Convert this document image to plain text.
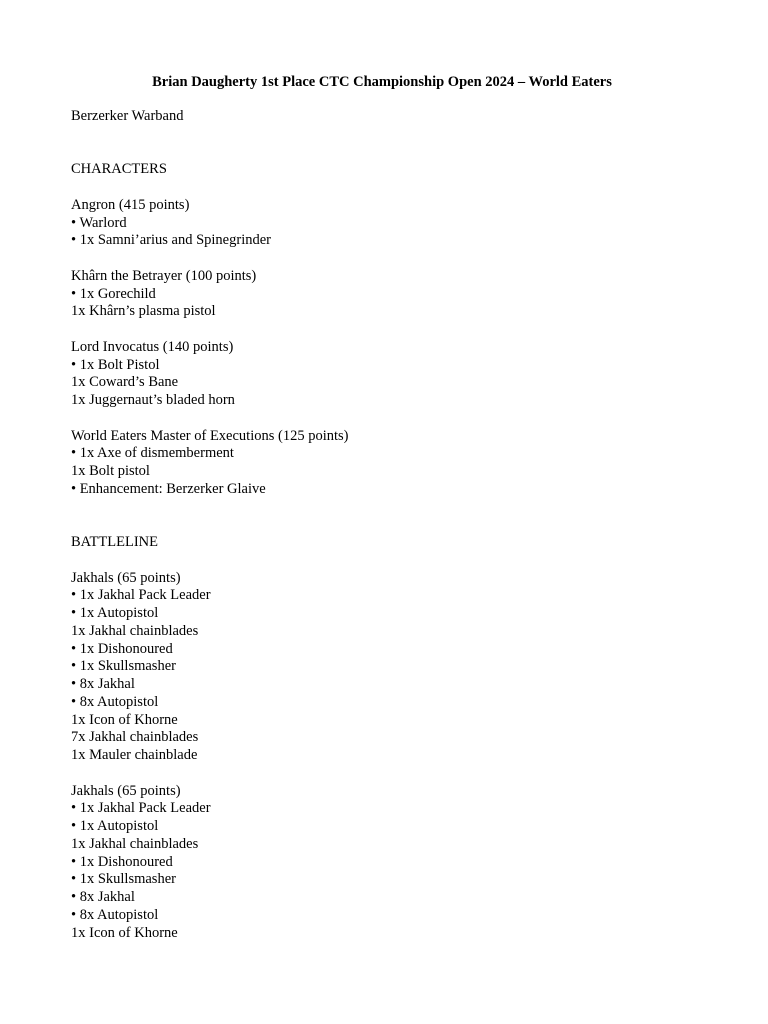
Brian Daugherty 1st Place CTC Championship Open 2024 – World Eaters
Berzerker Warband
CHARACTERS
Angron (415 points)
• Warlord
• 1x Samni’arius and Spinegrinder
Khârn the Betrayer (100 points)
• 1x Gorechild
1x Khârn’s plasma pistol
Lord Invocatus (140 points)
• 1x Bolt Pistol
1x Coward’s Bane
1x Juggernaut’s bladed horn
World Eaters Master of Executions (125 points)
• 1x Axe of dismemberment
1x Bolt pistol
• Enhancement: Berzerker Glaive
BATTLELINE
Jakhals (65 points)
• 1x Jakhal Pack Leader
• 1x Autopistol
1x Jakhal chainblades
• 1x Dishonoured
• 1x Skullsmasher
• 8x Jakhal
• 8x Autopistol
1x Icon of Khorne
7x Jakhal chainblades
1x Mauler chainblade
Jakhals (65 points)
• 1x Jakhal Pack Leader
• 1x Autopistol
1x Jakhal chainblades
• 1x Dishonoured
• 1x Skullsmasher
• 8x Jakhal
• 8x Autopistol
1x Icon of Khorne
